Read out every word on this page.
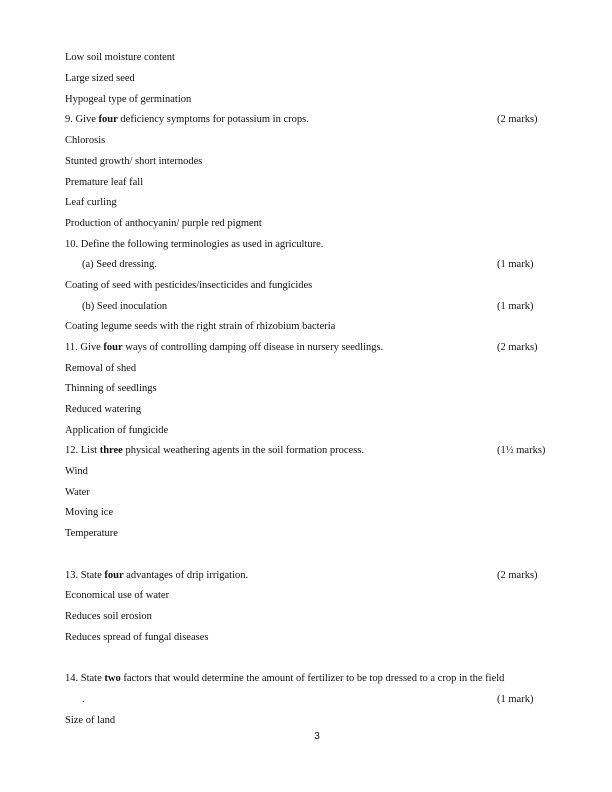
Low soil moisture content
Large sized seed
Hypogeal type of germination
9. Give four deficiency symptoms for potassium in crops.	(2 marks)
Chlorosis
Stunted growth/ short internodes
Premature leaf fall
Leaf curling
Production of anthocyanin/ purple red pigment
10. Define the following terminologies as used in agriculture.
(a) Seed dressing.	(1 mark)
Coating of seed with pesticides/insecticides and fungicides
(b) Seed inoculation	(1 mark)
Coating legume seeds with the right strain of rhizobium bacteria
11. Give four ways of controlling damping off disease in nursery seedlings.	(2 marks)
Removal of shed
Thinning of seedlings
Reduced watering
Application of fungicide
12. List three physical weathering agents in the soil formation process.	(1½ marks)
Wind
Water
Moving ice
Temperature
13. State four advantages of drip irrigation.	(2 marks)
Economical use of water
Reduces soil erosion
Reduces spread of fungal diseases
14. State two factors that would determine the amount of fertilizer to be top dressed to a crop in the field
.	(1 mark)
Size of land
3
